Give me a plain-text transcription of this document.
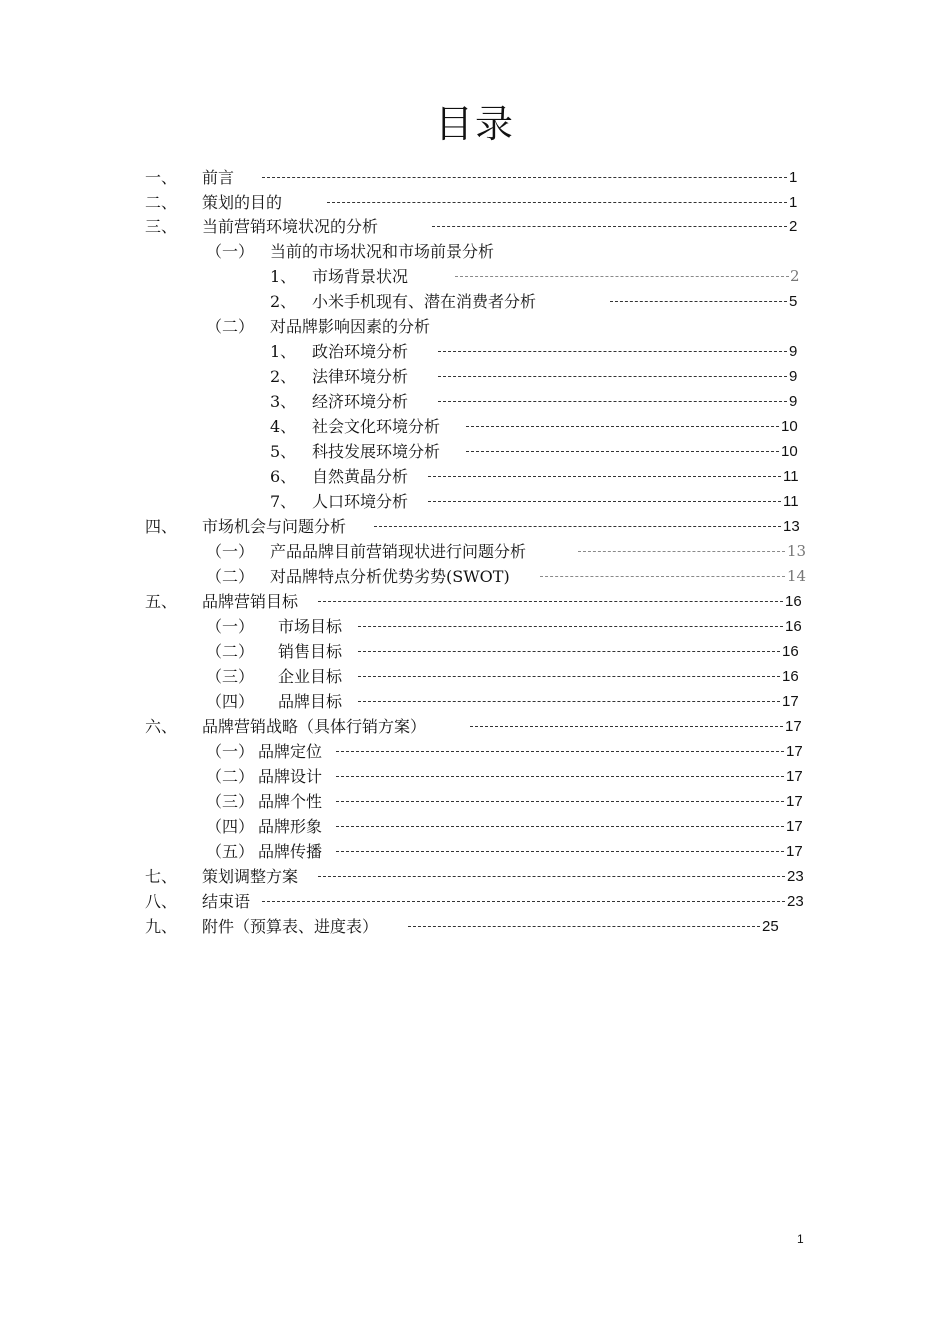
目录
一、 前言	1
二、 策划的目的	1
三、 当前营销环境状况的分析	2
（一） 当前的市场状况和市场前景分析
1、 市场背景状况	2
2、 小米手机现有、潜在消费者分析	5
（二） 对品牌影响因素的分析
1、 政治环境分析	9
2、 法律环境分析	9
3、 经济环境分析	9
4、 社会文化环境分析	10
5、 科技发展环境分析	10
6、 自然黄晶分析	11
7、 人口环境分析	11
四、 市场机会与问题分析	13
（一） 产品品牌目前营销现状进行问题分析	13
（二） 对品牌特点分析优势劣势(SWOT)	14
五、 品牌营销目标	16
（一） 市场目标	16
（二） 销售目标	16
（三） 企业目标	16
（四） 品牌目标	17
六、 品牌营销战略（具体行销方案）	17
（一） 品牌定位	17
（二） 品牌设计	17
（三） 品牌个性	17
（四） 品牌形象	17
（五） 品牌传播	17
七、 策划调整方案	23
八、 结束语	23
九、 附件（预算表、进度表）	25
1
